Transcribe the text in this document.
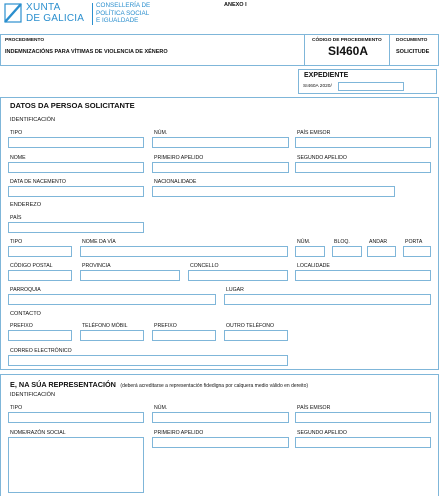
XUNTA
DE GALICIA
CONSELLERÍA DE
POLÍTICA SOCIAL
E IGUALDADE
ANEXO I
PROCEDIMENTO
INDEMNIZACIÓNS PARA VÍTIMAS DE VIOLENCIA DE XÉNERO
CÓDIGO DE PROCEDEMENTO
SI460A
DOCUMENTO
SOLICITUDE
EXPEDIENTE
SI460A 2020/
DATOS DA PERSOA SOLICITANTE
IDENTIFICACIÓN
TIPO	NÚM.	PAÍS EMISOR
NOME	PRIMEIRO APELIDO	SEGUNDO APELIDO
DATA DE NACEMENTO	NACIONALIDADE
ENDEREZO
PAÍS
TIPO	NOME DA VÍA	NÚM.	BLOQ.	ANDAR	PORTA
CÓDIGO POSTAL	PROVINCIA	CONCELLO	LOCALIDADE
PARROQUIA	LUGAR
CONTACTO
PREFIXO	TELÉFONO MÓBIL	PREFIXO	OUTRO TELÉFONO
CORREO ELECTRÓNICO
E, NA SÚA REPRESENTACIÓN (deberá acreditarse a representación fidedigna por calquera medio válido en dereito)
IDENTIFICACIÓN
TIPO	NÚM.	PAÍS EMISOR
NOME/RAZÓN SOCIAL	PRIMEIRO APELIDO	SEGUNDO APELIDO
